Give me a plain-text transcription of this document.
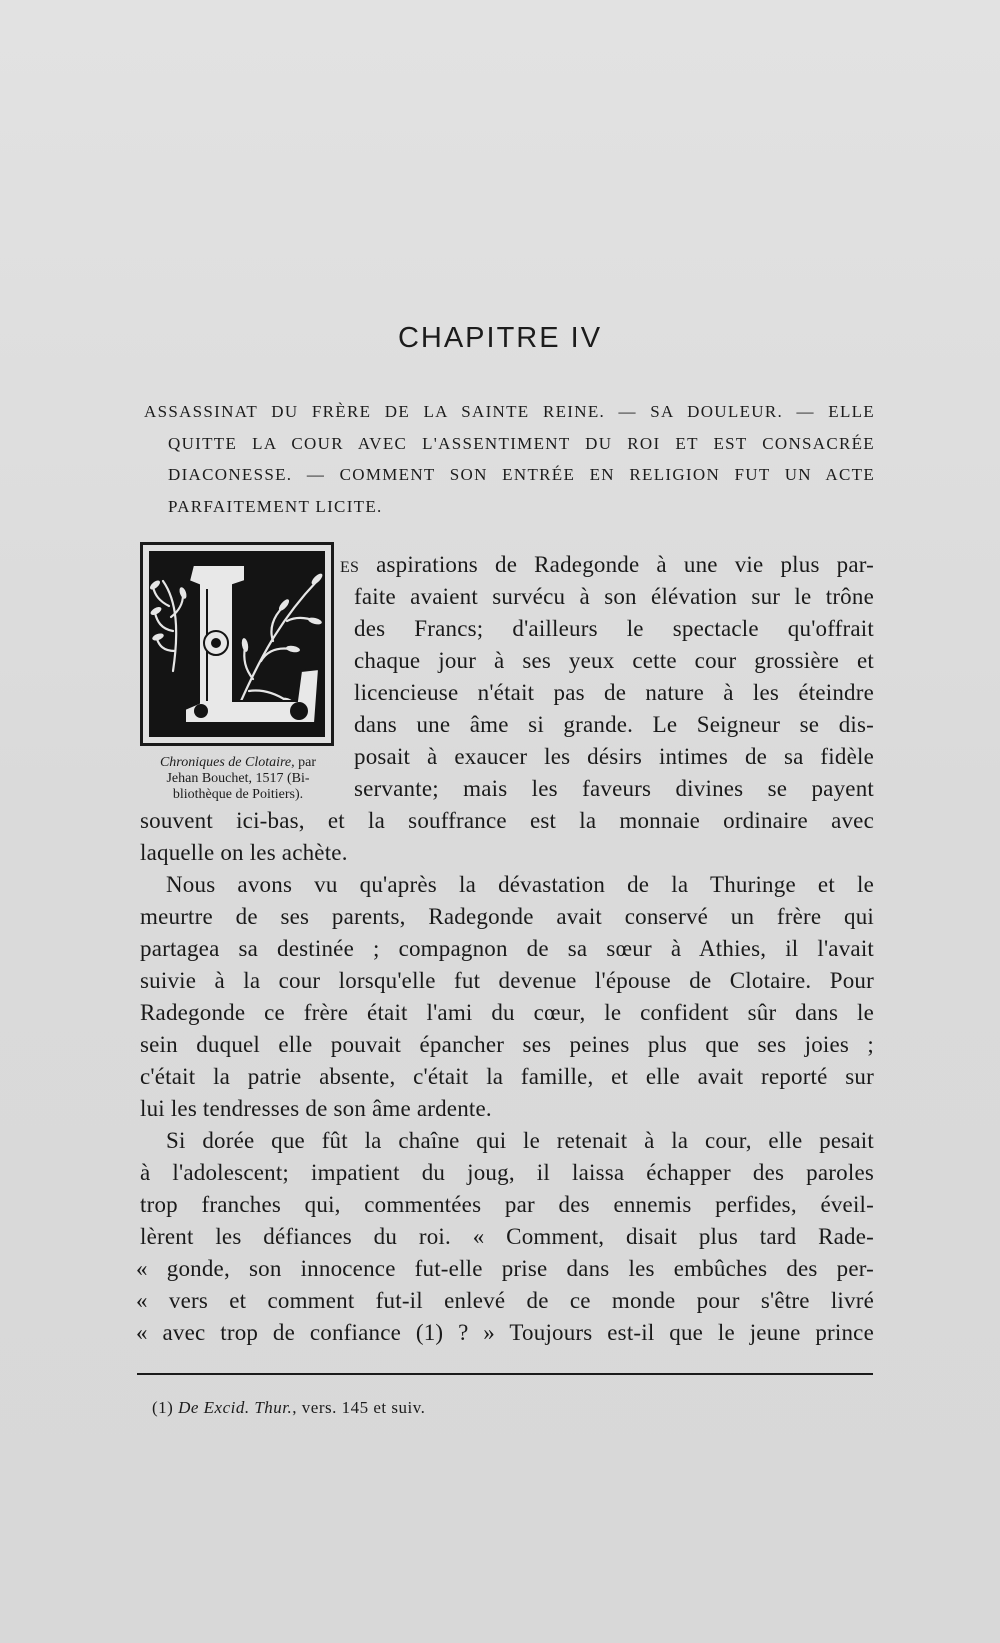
CHAPITRE IV
ASSASSINAT DU FRÈRE DE LA SAINTE REINE. — SA DOULEUR. — ELLE
QUITTE LA COUR AVEC L'ASSENTIMENT DU ROI ET EST CONSACRÉE
DIACONESSE. — COMMENT SON ENTRÉE EN RELIGION FUT UN ACTE
PARFAITEMENT LICITE.
Chroniques de Clotaire, par
Jehan Bouchet, 1517 (Bi-
bliothèque de Poitiers).
es aspirations de Radegonde à une vie plus par-
faite avaient survécu à son élévation sur le trône
des Francs; d'ailleurs le spectacle qu'offrait
chaque jour à ses yeux cette cour grossière et
licencieuse n'était pas de nature à les éteindre
dans une âme si grande. Le Seigneur se dis-
posait à exaucer les désirs intimes de sa fidèle
servante; mais les faveurs divines se payent
souvent ici-bas, et la souffrance est la monnaie ordinaire avec
laquelle on les achète.
Nous avons vu qu'après la dévastation de la Thuringe et le
meurtre de ses parents, Radegonde avait conservé un frère qui
partagea sa destinée ; compagnon de sa sœur à Athies, il l'avait
suivie à la cour lorsqu'elle fut devenue l'épouse de Clotaire. Pour
Radegonde ce frère était l'ami du cœur, le confident sûr dans le
sein duquel elle pouvait épancher ses peines plus que ses joies ;
c'était la patrie absente, c'était la famille, et elle avait reporté sur
lui les tendresses de son âme ardente.
Si dorée que fût la chaîne qui le retenait à la cour, elle pesait
à l'adolescent; impatient du joug, il laissa échapper des paroles
trop franches qui, commentées par des ennemis perfides, éveil-
lèrent les défiances du roi. « Comment, disait plus tard Rade-
« gonde, son innocence fut-elle prise dans les embûches des per-
« vers et comment fut-il enlevé de ce monde pour s'être livré
« avec trop de confiance (1) ? » Toujours est-il que le jeune prince
(1) De Excid. Thur., vers. 145 et suiv.
